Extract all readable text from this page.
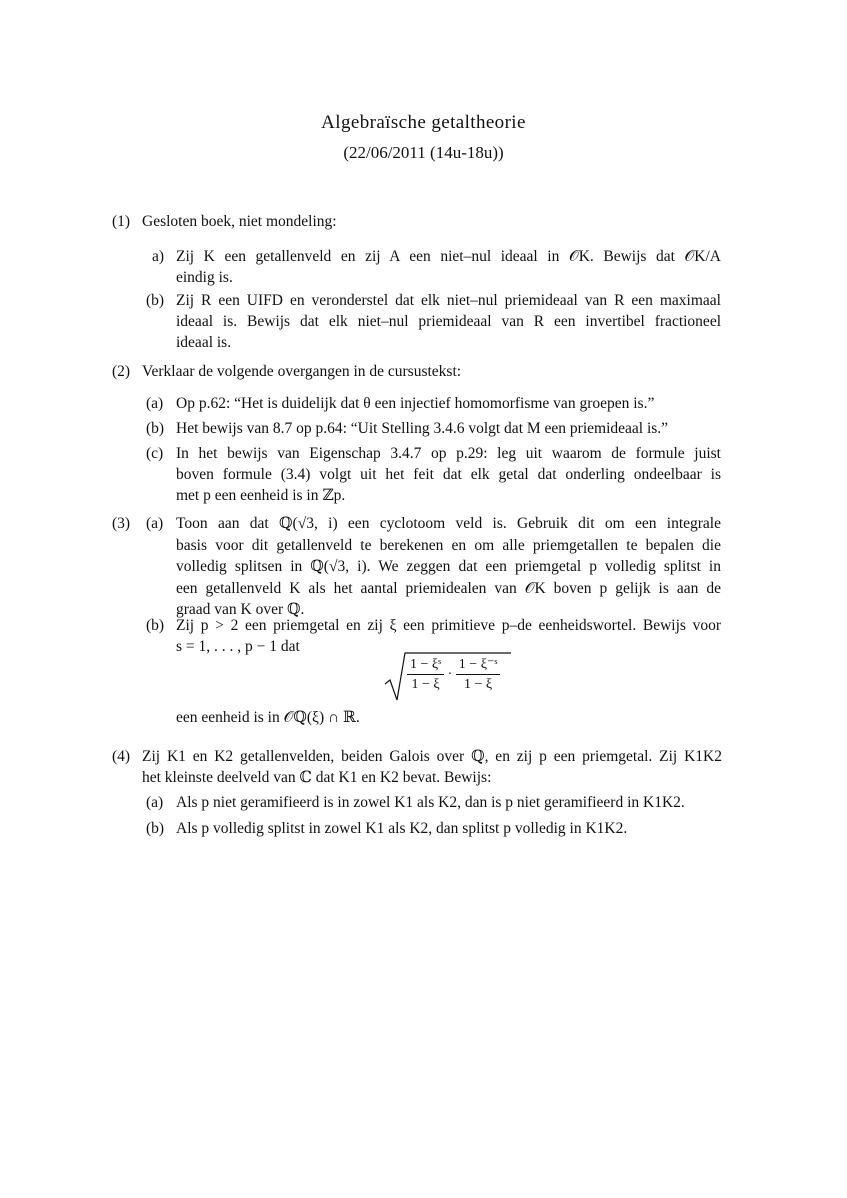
Algebraïsche getaltheorie
(22/06/2011 (14u-18u))
(1) Gesloten boek, niet mondeling:
a) Zij K een getallenveld en zij A een niet–nul ideaal in 𝒪K. Bewijs dat 𝒪K/A
eindig is.
(b) Zij R een UIFD en veronderstel dat elk niet–nul priemideaal van R een maximaal
ideaal is. Bewijs dat elk niet–nul priemideaal van R een invertibel fractioneel
ideaal is.
(2) Verklaar de volgende overgangen in de cursustekst:
(a) Op p.62: “Het is duidelijk dat θ een injectief homomorfisme van groepen is.”
(b) Het bewijs van 8.7 op p.64: “Uit Stelling 3.4.6 volgt dat M een priemideaal is.”
(c) In het bewijs van Eigenschap 3.4.7 op p.29: leg uit waarom de formule juist
boven formule (3.4) volgt uit het feit dat elk getal dat onderling ondeelbaar is
met p een eenheid is in ℤp.
(3) (a) Toon aan dat ℚ(√3, i) een cyclotoom veld is. Gebruik dit om een integrale
basis voor dit getallenveld te berekenen en om alle priemgetallen te bepalen die
volledig splitsen in ℚ(√3, i). We zeggen dat een priemgetal p volledig splitst in
een getallenveld K als het aantal priemidealen van 𝒪K boven p gelijk is aan de
graad van K over ℚ.
(b) Zij p > 2 een priemgetal en zij ξ een primitieve p–de eenheidswortel. Bewijs voor
s = 1, . . . , p − 1 dat
$\frac{\text{1 − ξˢ}}{1 - \xi} \cdot \frac{\text{1 − ξ⁻ˢ}}{1 - \xi}$
een eenheid is in 𝒪ℚ(ξ) ∩ ℝ.
(4) Zij K1 en K2 getallenvelden, beiden Galois over ℚ, en zij p een priemgetal. Zij K1K2
het kleinste deelveld van ℂ dat K1 en K2 bevat. Bewijs:
(a) Als p niet geramifieerd is in zowel K1 als K2, dan is p niet geramifieerd in K1K2.
(b) Als p volledig splitst in zowel K1 als K2, dan splitst p volledig in K1K2.
